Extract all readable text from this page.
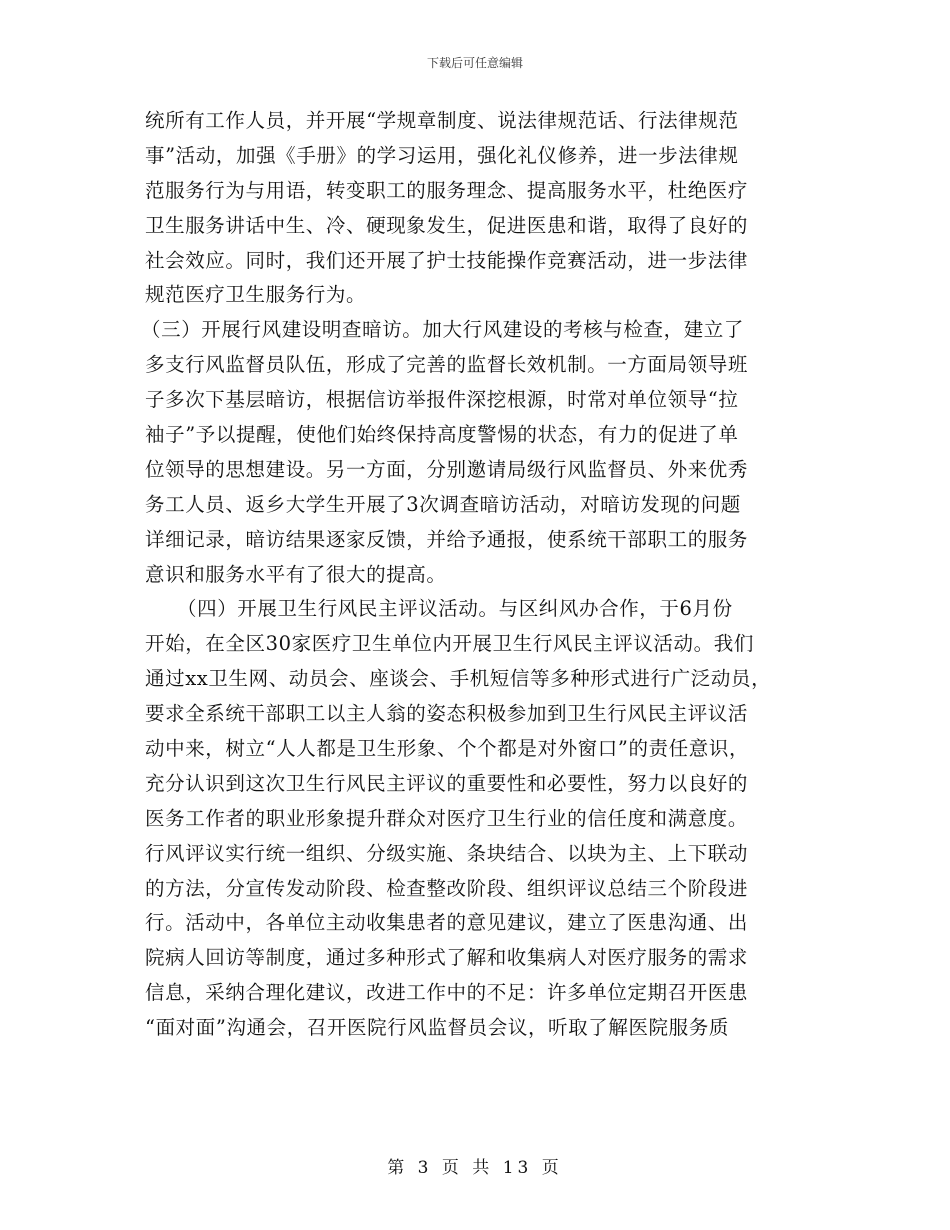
下载后可任意编辑
统所有工作人员，并开展“学规章制度、说法律规范话、行法律规范
事”活动，加强《手册》的学习运用，强化礼仪修养，进一步法律规
范服务行为与用语，转变职工的服务理念、提高服务水平，杜绝医疗
卫生服务讲话中生、冷、硬现象发生，促进医患和谐，取得了良好的
社会效应。同时，我们还开展了护士技能操作竞赛活动，进一步法律
规范医疗卫生服务行为。
（三）开展行风建设明查暗访。加大行风建设的考核与检查，建立了
多支行风监督员队伍，形成了完善的监督长效机制。一方面局领导班
子多次下基层暗访，根据信访举报件深挖根源，时常对单位领导“拉
袖子”予以提醒，使他们始终保持高度警惕的状态，有力的促进了单
位领导的思想建设。另一方面，分别邀请局级行风监督员、外来优秀
务工人员、返乡大学生开展了3次调查暗访活动，对暗访发现的问题
详细记录，暗访结果逐家反馈，并给予通报，使系统干部职工的服务
意识和服务水平有了很大的提高。
（四）开展卫生行风民主评议活动。与区纠风办合作，于6月份
开始，在全区30家医疗卫生单位内开展卫生行风民主评议活动。我们
通过xx卫生网、动员会、座谈会、手机短信等多种形式进行广泛动员，
要求全系统干部职工以主人翁的姿态积极参加到卫生行风民主评议活
动中来，树立“人人都是卫生形象、个个都是对外窗口”的责任意识，
充分认识到这次卫生行风民主评议的重要性和必要性，努力以良好的
医务工作者的职业形象提升群众对医疗卫生行业的信任度和满意度。
行风评议实行统一组织、分级实施、条块结合、以块为主、上下联动
的方法，分宣传发动阶段、检查整改阶段、组织评议总结三个阶段进
行。活动中，各单位主动收集患者的意见建议，建立了医患沟通、出
院病人回访等制度，通过多种形式了解和收集病人对医疗服务的需求
信息，采纳合理化建议，改进工作中的不足：许多单位定期召开医患
“面对面”沟通会，召开医院行风监督员会议，听取了解医院服务质
第 3 页 共 13 页
